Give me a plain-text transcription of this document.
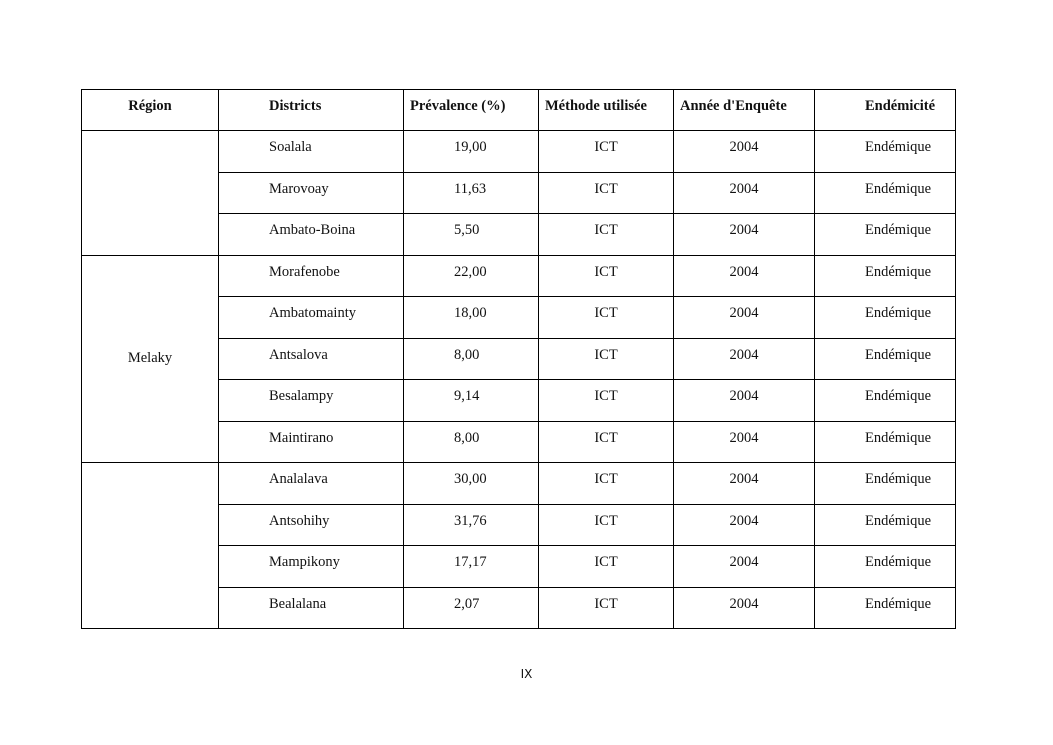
Région	Districts	Prévalence (%)	Méthode utilisée	Année d'Enquête	Endémicité

	Soalala	19,00	ICT	2004	Endémique

	Marovoay	11,63	ICT	2004	Endémique

	Ambato-Boina	5,50	ICT	2004	Endémique

Melaky	Morafenobe	22,00	ICT	2004	Endémique

	Ambatomainty	18,00	ICT	2004	Endémique

	Antsalova	8,00	ICT	2004	Endémique

	Besalampy	9,14	ICT	2004	Endémique

	Maintirano	8,00	ICT	2004	Endémique

	Analalava	30,00	ICT	2004	Endémique

	Antsohihy	31,76	ICT	2004	Endémique

	Mampikony	17,17	ICT	2004	Endémique

	Bealalana	2,07	ICT	2004	Endémique
IX
